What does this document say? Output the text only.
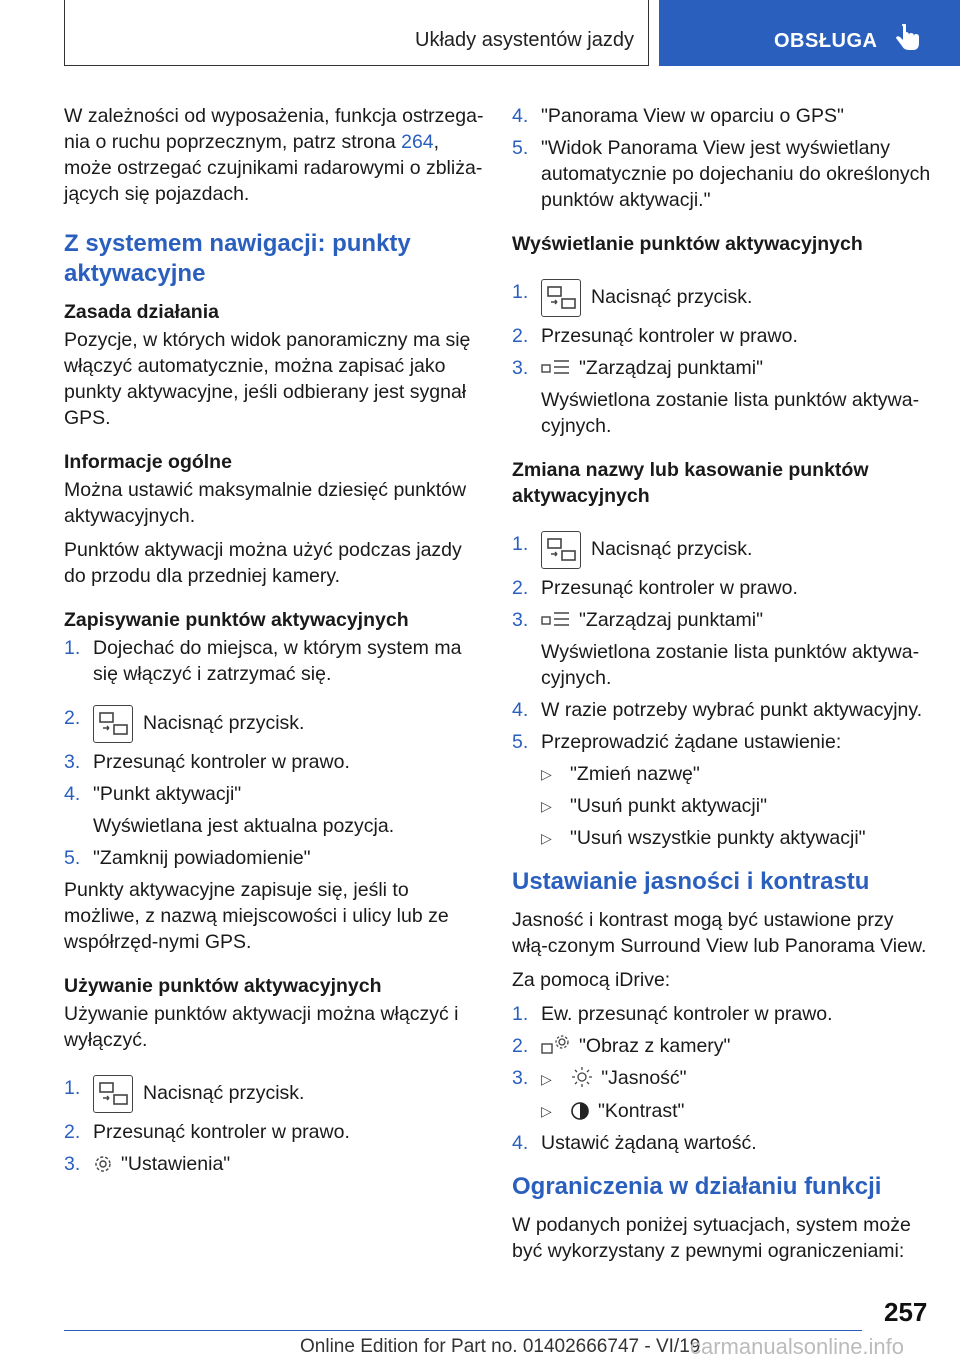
Układy asystentów jazdy	OBSŁUGA

W zależności od wyposażenia, funkcja ostrzega-nia o ruchu poprzecznym, patrz strona 264, może ostrzegać czujnikami radarowymi o zbliża-jących się pojazdach.

Z systemem nawigacji: punkty aktywacyjne
Zasada działania

Pozycje, w których widok panoramiczny ma się włączyć automatycznie, można zapisać jako punkty aktywacyjne, jeśli odbierany jest sygnał GPS.

Informacje ogólne

Można ustawić maksymalnie dziesięć punktów aktywacyjnych.

Punktów aktywacji można użyć podczas jazdy do przodu dla przedniej kamery.

Zapisywanie punktów aktywacyjnych
1. Dojechać do miejsca, w którym system ma się włączyć i zatrzymać się.
2.	Nacisnąć przycisk.
3. Przesunąć kontroler w prawo.
4. "Punkt aktywacji"
Wyświetlana jest aktualna pozycja.
5. "Zamknij powiadomienie"

Punkty aktywacyjne zapisuje się, jeśli to możliwe, z nazwą miejscowości i ulicy lub ze współrzęd-nymi GPS.

Używanie punktów aktywacyjnych

Używanie punktów aktywacji można włączyć i wyłączyć.

1.	Nacisnąć przycisk.
2. Przesunąć kontroler w prawo.
3. "Ustawienia"
4. "Panorama View w oparciu o GPS"
5. "Widok Panorama View jest wyświetlany automatycznie po dojechaniu do określonych punktów aktywacji."
Wyświetlanie punktów aktywacyjnych
1.	Nacisnąć przycisk.
2. Przesunąć kontroler w prawo.
3.	"Zarządzaj punktami"
Wyświetlona zostanie lista punktów aktywa-cyjnych.
Zmiana nazwy lub kasowanie punktów aktywacyjnych
1.	Nacisnąć przycisk.
2. Przesunąć kontroler w prawo.
3.	"Zarządzaj punktami"
Wyświetlona zostanie lista punktów aktywa-cyjnych.
4. W razie potrzeby wybrać punkt aktywacyjny.
5. Przeprowadzić żądane ustawienie:
▷ "Zmień nazwę"
▷ "Usuń punkt aktywacji"
▷ "Usuń wszystkie punkty aktywacji"
Ustawianie jasności i kontrastu

Jasność i kontrast mogą być ustawione przy włą-czonym Surround View lub Panorama View.

Za pomocą iDrive:

1. Ew. przesunąć kontroler w prawo.
2.	"Obraz z kamery"
3. ▷	"Jasność"
▷ "Kontrast"
4. Ustawić żądaną wartość.
Ograniczenia w działaniu funkcji

W podanych poniżej sytuacjach, system może być wykorzystany z pewnymi ograniczeniami:

257
Online Edition for Part no. 01402666747 - VI/19
carmanualsonline.info
